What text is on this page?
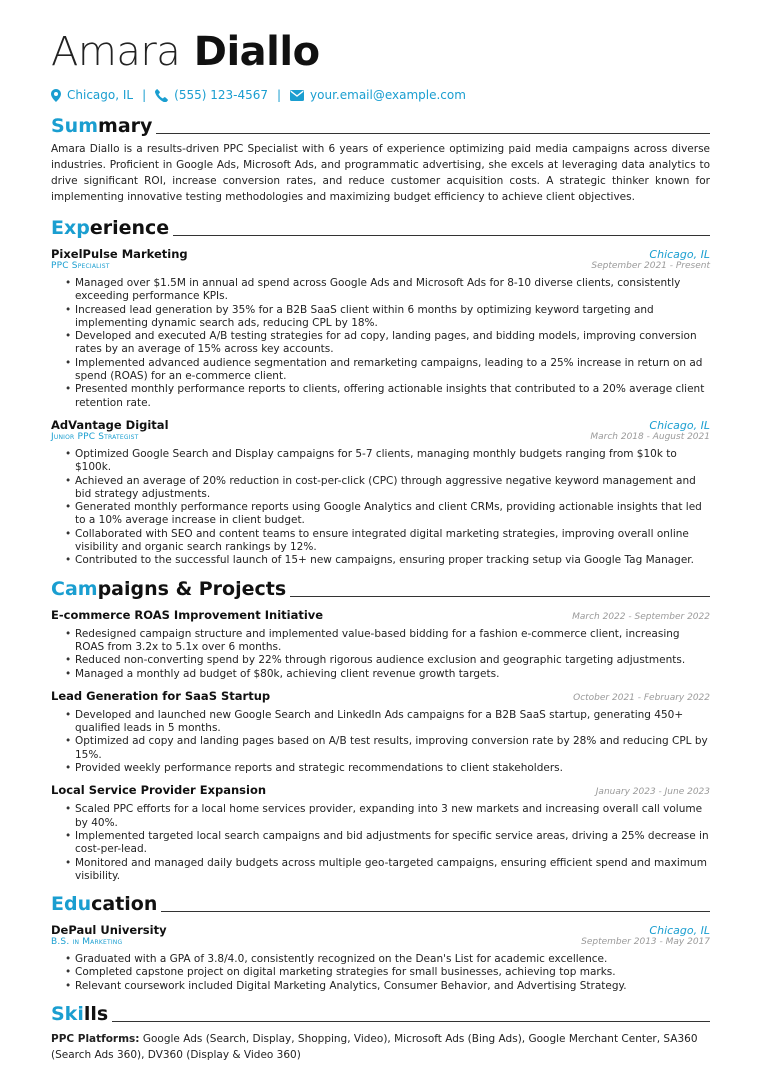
Amara Diallo
Chicago, IL | (555) 123-4567 | your.email@example.com
Summary
Amara Diallo is a results-driven PPC Specialist with 6 years of experience optimizing paid media campaigns across diverse industries. Proficient in Google Ads, Microsoft Ads, and programmatic advertising, she excels at leveraging data analytics to drive significant ROI, increase conversion rates, and reduce customer acquisition costs. A strategic thinker known for implementing innovative testing methodologies and maximizing budget efficiency to achieve client objectives.
Experience
PixelPulse Marketing	Chicago, IL
PPC Specialist	September 2021 - Present
• Managed over $1.5M in annual ad spend across Google Ads and Microsoft Ads for 8-10 diverse clients, consistently exceeding performance KPIs.
• Increased lead generation by 35% for a B2B SaaS client within 6 months by optimizing keyword targeting and implementing dynamic search ads, reducing CPL by 18%.
• Developed and executed A/B testing strategies for ad copy, landing pages, and bidding models, improving conversion rates by an average of 15% across key accounts.
• Implemented advanced audience segmentation and remarketing campaigns, leading to a 25% increase in return on ad spend (ROAS) for an e-commerce client.
• Presented monthly performance reports to clients, offering actionable insights that contributed to a 20% average client retention rate.
AdVantage Digital	Chicago, IL
Junior PPC Strategist	March 2018 - August 2021
• Optimized Google Search and Display campaigns for 5-7 clients, managing monthly budgets ranging from $10k to $100k.
• Achieved an average of 20% reduction in cost-per-click (CPC) through aggressive negative keyword management and bid strategy adjustments.
• Generated monthly performance reports using Google Analytics and client CRMs, providing actionable insights that led to a 10% average increase in client budget.
• Collaborated with SEO and content teams to ensure integrated digital marketing strategies, improving overall online visibility and organic search rankings by 12%.
• Contributed to the successful launch of 15+ new campaigns, ensuring proper tracking setup via Google Tag Manager.
Campaigns & Projects
E-commerce ROAS Improvement Initiative	March 2022 - September 2022
• Redesigned campaign structure and implemented value-based bidding for a fashion e-commerce client, increasing ROAS from 3.2x to 5.1x over 6 months.
• Reduced non-converting spend by 22% through rigorous audience exclusion and geographic targeting adjustments.
• Managed a monthly ad budget of $80k, achieving client revenue growth targets.
Lead Generation for SaaS Startup	October 2021 - February 2022
• Developed and launched new Google Search and LinkedIn Ads campaigns for a B2B SaaS startup, generating 450+ qualified leads in 5 months.
• Optimized ad copy and landing pages based on A/B test results, improving conversion rate by 28% and reducing CPL by 15%.
• Provided weekly performance reports and strategic recommendations to client stakeholders.
Local Service Provider Expansion	January 2023 - June 2023
• Scaled PPC efforts for a local home services provider, expanding into 3 new markets and increasing overall call volume by 40%.
• Implemented targeted local search campaigns and bid adjustments for specific service areas, driving a 25% decrease in cost-per-lead.
• Monitored and managed daily budgets across multiple geo-targeted campaigns, ensuring efficient spend and maximum visibility.
Education
DePaul University	Chicago, IL
B.S. in Marketing	September 2013 - May 2017
• Graduated with a GPA of 3.8/4.0, consistently recognized on the Dean's List for academic excellence.
• Completed capstone project on digital marketing strategies for small businesses, achieving top marks.
• Relevant coursework included Digital Marketing Analytics, Consumer Behavior, and Advertising Strategy.
Skills
PPC Platforms: Google Ads (Search, Display, Shopping, Video), Microsoft Ads (Bing Ads), Google Merchant Center, SA360 (Search Ads 360), DV360 (Display & Video 360)
